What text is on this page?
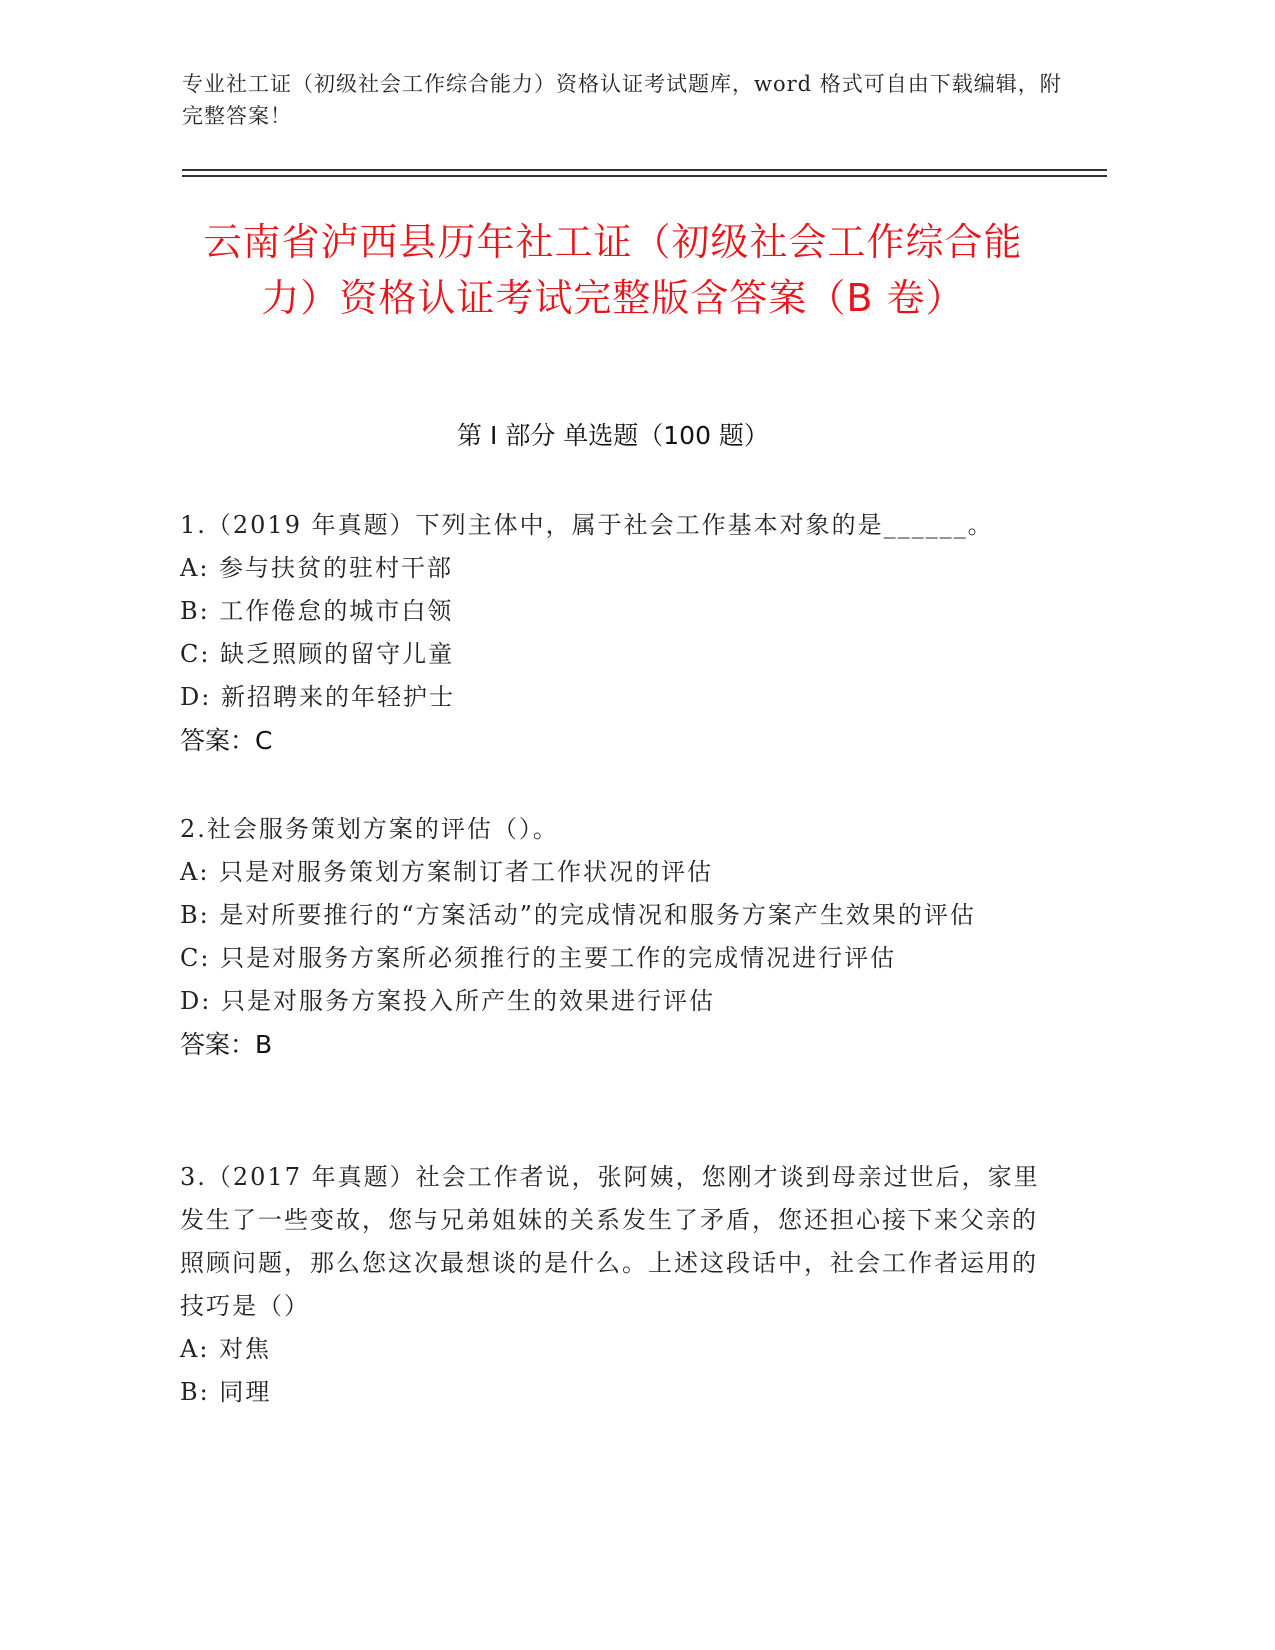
专业社工证（初级社会工作综合能力）资格认证考试题库，word 格式可自由下载编辑，附完整答案！
云南省泸西县历年社工证（初级社会工作综合能力）资格认证考试完整版含答案（B 卷）
第 I 部分 单选题（100 题）

1.（2019 年真题）下列主体中，属于社会工作基本对象的是______。

A: 参与扶贫的驻村干部

B: 工作倦怠的城市白领

C: 缺乏照顾的留守儿童

D: 新招聘来的年轻护士

答案：C

2.社会服务策划方案的评估（）。

A: 只是对服务策划方案制订者工作状况的评估

B: 是对所要推行的“方案活动”的完成情况和服务方案产生效果的评估

C: 只是对服务方案所必须推行的主要工作的完成情况进行评估

D: 只是对服务方案投入所产生的效果进行评估

答案：B

3.（2017 年真题）社会工作者说，张阿姨，您刚才谈到母亲过世后，家里发生了一些变故，您与兄弟姐妹的关系发生了矛盾，您还担心接下来父亲的照顾问题，那么您这次最想谈的是什么。上述这段话中，社会工作者运用的技巧是（）

A: 对焦

B: 同理
